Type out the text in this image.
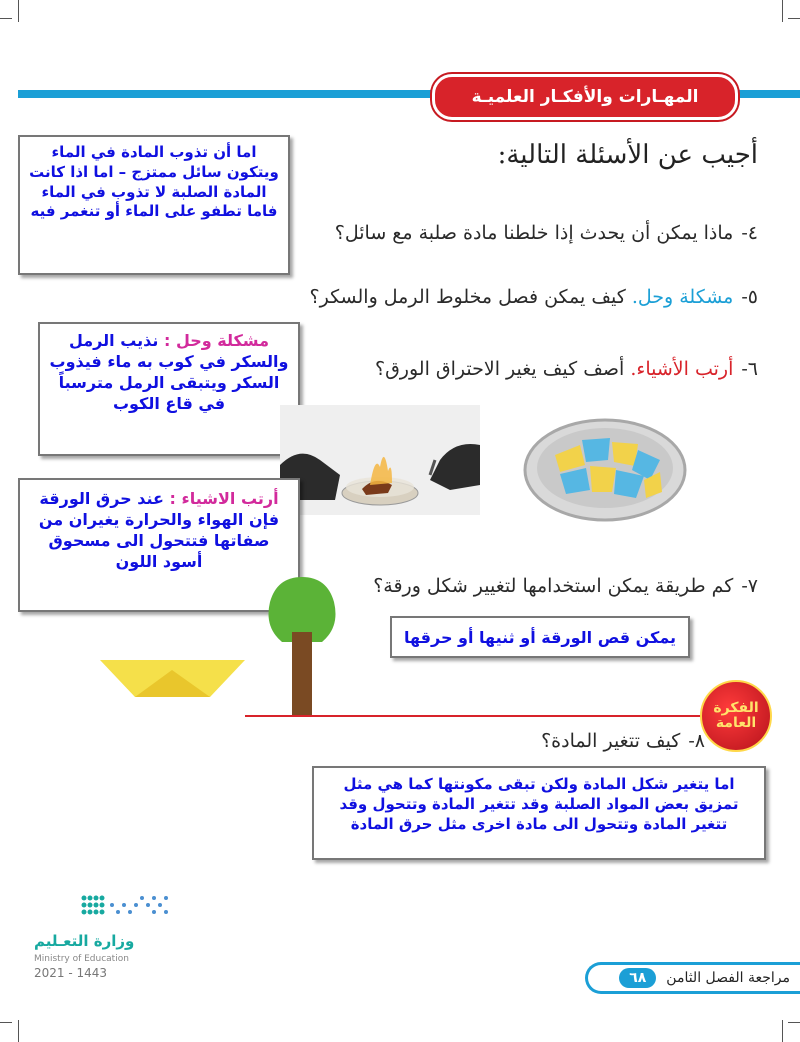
المهـارات والأفكـار العلميـة
أجيب عن الأسئلة التالية:
اما أن تذوب المادة في الماء ويتكون سائل ممتزج – اما اذا كانت المادة الصلبة لا تذوب في الماء فاما تطفو على الماء أو تنغمر فيه
٤-ماذا يمكن أن يحدث إذا خلطنا مادة صلبة مع سائل؟
٥-مشكلة وحل. كيف يمكن فصل مخلوط الرمل والسكر؟
مشكلة وحل : نذيب الرمل والسكر في كوب به ماء فيذوب السكر ويتبقى الرمل مترسباً في قاع الكوب
٦-أرتب الأشياء. أصف كيف يغير الاحتراق الورق؟
أرتب الاشياء : عند حرق الورقة فإن الهواء والحرارة يغيران من صفاتها فتتحول الى مسحوق أسود اللون
٧-كم طريقة يمكن استخدامها لتغيير شكل ورقة؟
يمكن قص الورقة أو ثنيها أو حرقها
الفكرة العامة
٨-كيف تتغير المادة؟
اما يتغير شكل المادة ولكن تبقى مكونتها كما هي مثل تمزيق بعض المواد الصلبة وقد تتغير المادة وتتحول وقد تتغير المادة وتتحول الى مادة اخرى مثل حرق المادة
وزارة التعـليم
Ministry of Education
2021 - 1443	مراجعة الفصل الثامن
٦٨
